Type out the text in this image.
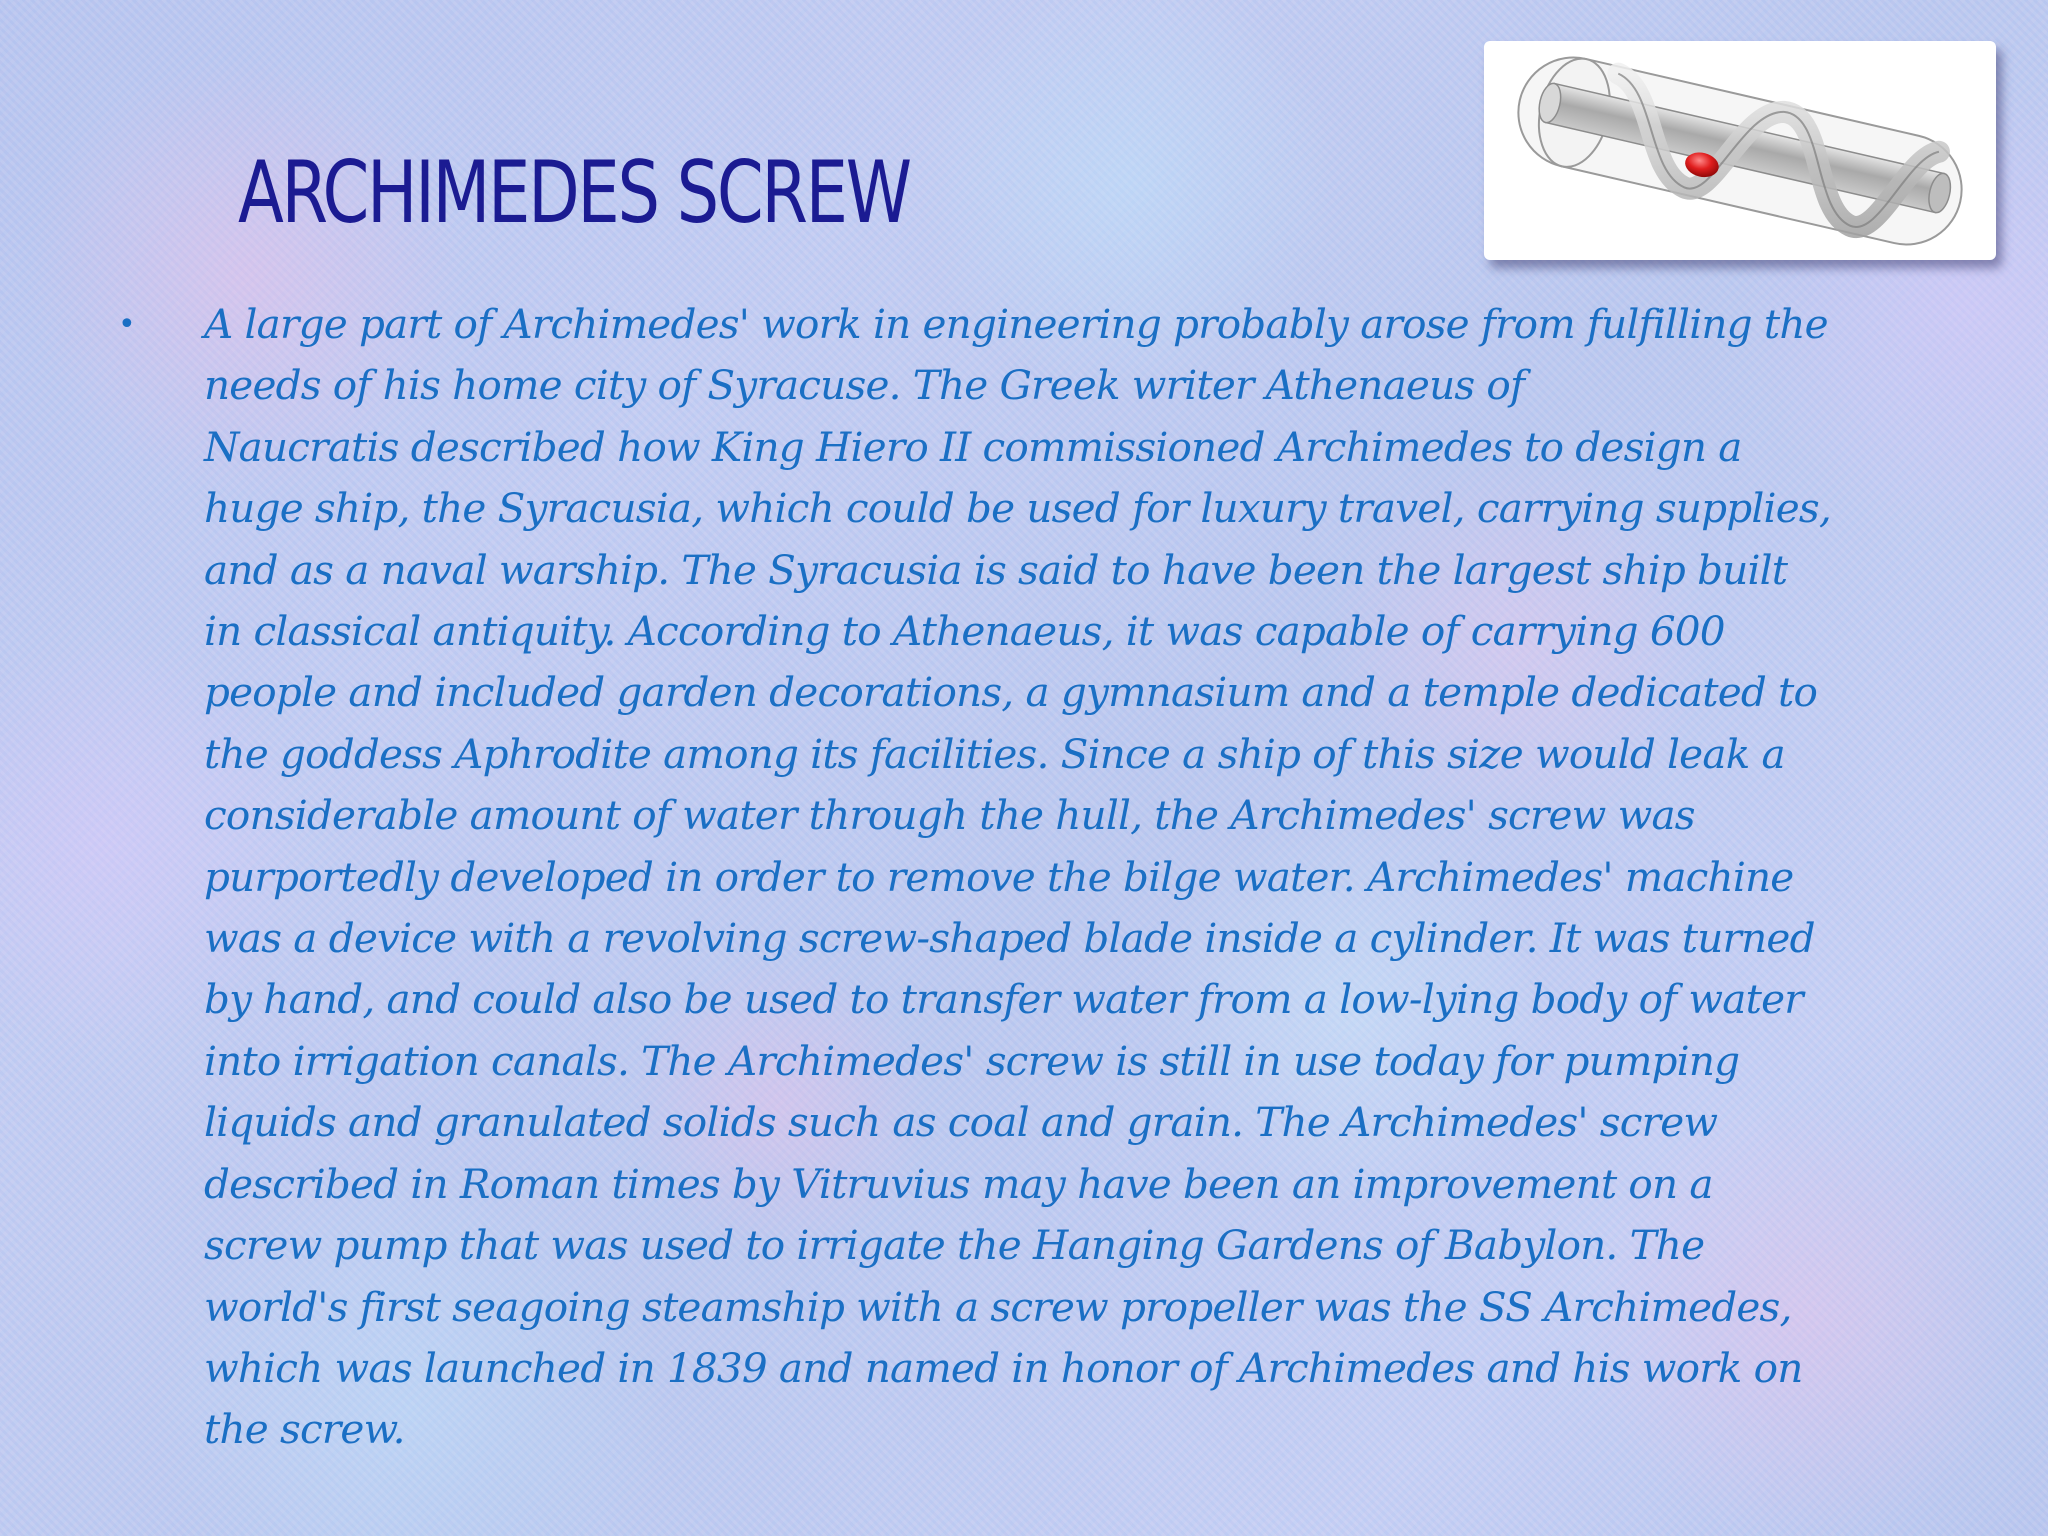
ARCHIMEDES SCREW
•	A large part of Archimedes' work in engineering probably arose from fulfilling the
needs of his home city of Syracuse. The Greek writer Athenaeus of
Naucratis described how King Hiero II commissioned Archimedes to design a
huge ship, the Syracusia, which could be used for luxury travel, carrying supplies,
and as a naval warship. The Syracusia is said to have been the largest ship built
in classical antiquity. According to Athenaeus, it was capable of carrying 600
people and included garden decorations, a gymnasium and a temple dedicated to
the goddess Aphrodite among its facilities. Since a ship of this size would leak a
considerable amount of water through the hull, the Archimedes' screw was
purportedly developed in order to remove the bilge water. Archimedes' machine
was a device with a revolving screw-shaped blade inside a cylinder. It was turned
by hand, and could also be used to transfer water from a low-lying body of water
into irrigation canals. The Archimedes' screw is still in use today for pumping
liquids and granulated solids such as coal and grain. The Archimedes' screw
described in Roman times by Vitruvius may have been an improvement on a
screw pump that was used to irrigate the Hanging Gardens of Babylon. The
world's first seagoing steamship with a screw propeller was the SS Archimedes,
which was launched in 1839 and named in honor of Archimedes and his work on
the screw.
